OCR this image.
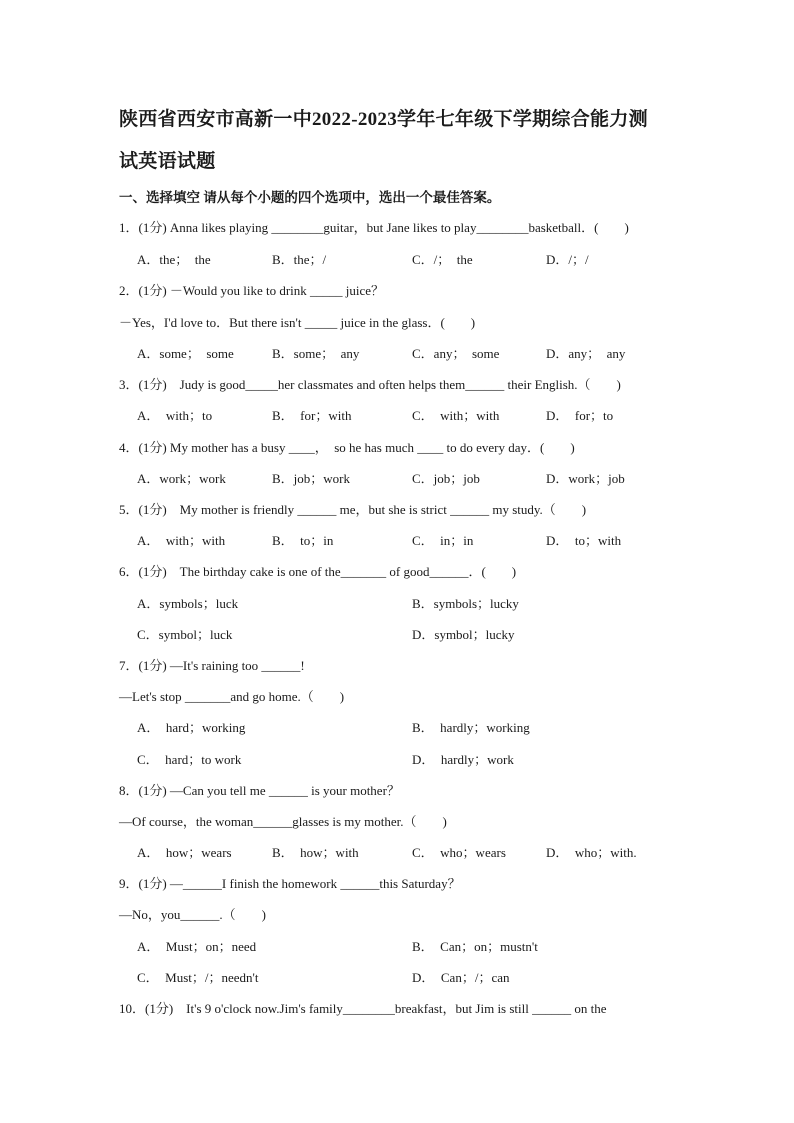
陕西省西安市高新一中2022-2023学年七年级下学期综合能力测
试英语试题
一、选择填空 请从每个小题的四个选项中，选出一个最佳答案。
1．(1分) Anna likes playing ________guitar，but Jane likes to play________basketball．(　　)
A．the；　the	B．the；/	C．/；　the	D．/；/
2．(1分) －Would you like to drink _____ juice？
－Yes，I'd love to．But there isn't _____ juice in the glass．(　　)
A．some；　some	B．some；　any	C．any；　some	D．any；　any
3．(1分)　Judy is good_____her classmates and often helps them______ their English.（　　)
A．　with；to	B．　for；with	C．　with；with	D．　for；to
4．(1分) My mother has a busy ____，　so he has much ____ to do every day．(　　)
A．work；work	B．job；work	C．job；job	D．work；job
5．(1分)　My mother is friendly ______ me，but she is strict ______ my study.（　　)
A．　with；with	B．　to；in	C．　in；in	D．　to；with
6．(1分)　The birthday cake is one of the_______ of good______．(　　)
A．symbols；luck	B．symbols；lucky
C．symbol；luck	D．symbol；lucky
7．(1分) —It's raining too ______!
—Let's stop _______and go home.（　　)
A．　hard；working	B．　hardly；working
C．　hard；to work	D．　hardly；work
8．(1分) —Can you tell me ______ is your mother？
—Of course，the woman______glasses is my mother.（　　)
A．　how；wears	B．　how；with	C．　who；wears	D．　who；with.
9．(1分) —______I finish the homework ______this Saturday？
—No，you______.（　　)
A．　Must；on；need	B．　Can；on；mustn't
C．　Must；/；needn't	D．　Can；/；can
10．(1分)　It's 9 o'clock now.Jim's family________breakfast，but Jim is still ______ on the
